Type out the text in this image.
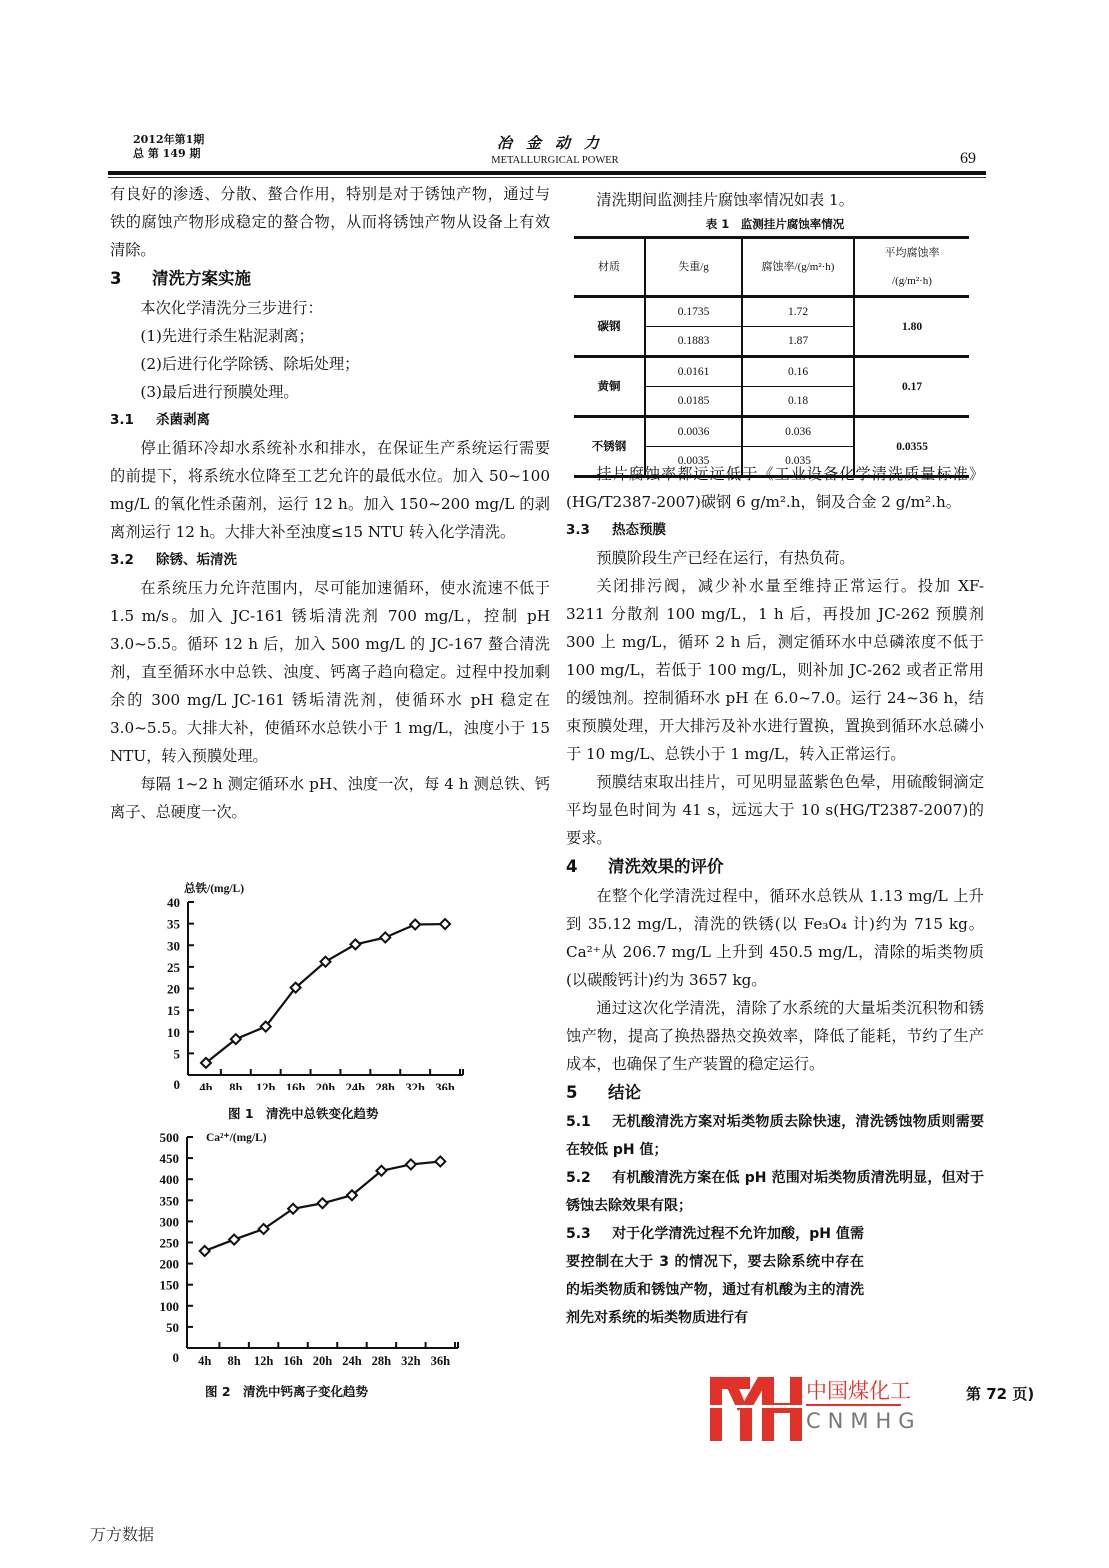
2012年第1期
总 第 149 期
冶金动力
METALLURGICAL POWER	69

有良好的渗透、分散、螯合作用，特别是对于锈蚀产物，通过与铁的腐蚀产物形成稳定的螯合物，从而将锈蚀产物从设备上有效清除。

3 清洗方案实施

本次化学清洗分三步进行：

(1)先进行杀生粘泥剥离；

(2)后进行化学除锈、除垢处理；

(3)最后进行预膜处理。

3.1 杀菌剥离

停止循环冷却水系统补水和排水，在保证生产系统运行需要的前提下，将系统水位降至工艺允许的最低水位。加入 50~100 mg/L 的氧化性杀菌剂，运行 12 h。加入 150~200 mg/L 的剥离剂运行 12 h。大排大补至浊度≤15 NTU 转入化学清洗。

3.2 除锈、垢清洗

在系统压力允许范围内，尽可能加速循环，使水流速不低于 1.5 m/s。加入 JC-161 锈垢清洗剂 700 mg/L，控制 pH 3.0~5.5。循环 12 h 后，加入 500 mg/L 的 JC-167 螯合清洗剂，直至循环水中总铁、浊度、钙离子趋向稳定。过程中投加剩余的 300 mg/L JC-161 锈垢清洗剂，使循环水 pH 稳定在 3.0~5.5。大排大补，使循环水总铁小于 1 mg/L，浊度小于 15 NTU，转入预膜处理。

每隔 1~2 h 测定循环水 pH、浊度一次，每 4 h 测总铁、钙离子、总硬度一次。

0
5
10
15
20
25
30
35
40
4h 8h 12h 16h 20h 24h 28h 32h 36h
总铁/(mg/L)
图 1　清洗中总铁变化趋势
0
50
100
150
200
250
300
350
400
450
500
4h 8h 12h 16h 20h 24h 28h 32h 36h
Ca²⁺/(mg/L)
图 2　清洗中钙离子变化趋势

清洗期间监测挂片腐蚀率情况如表 1。

表 1　监测挂片腐蚀率情况
材质	失重/g	腐蚀率/(g/m²·h)	平均腐蚀率
/(g/m²·h)

碳钢	0.1735	1.72	1.80
	0.1883	1.87	
黄铜	0.0161	0.16	0.17
	0.0185	0.18	
不锈钢	0.0036	0.036	0.0355
	0.0035	0.035	

挂片腐蚀率都远远低于《工业设备化学清洗质量标准》(HG/T2387-2007)碳钢 6 g/m².h，铜及合金 2 g/m².h。

3.3 热态预膜

预膜阶段生产已经在运行，有热负荷。

关闭排污阀，减少补水量至维持正常运行。投加 XF-3211 分散剂 100 mg/L，1 h 后，再投加 JC-262 预膜剂 300 上 mg/L，循环 2 h 后，测定循环水中总磷浓度不低于 100 mg/L，若低于 100 mg/L，则补加 JC-262 或者正常用的缓蚀剂。控制循环水 pH 在 6.0~7.0。运行 24~36 h，结束预膜处理，开大排污及补水进行置换，置换到循环水总磷小于 10 mg/L、总铁小于 1 mg/L，转入正常运行。

预膜结束取出挂片，可见明显蓝紫色色晕，用硫酸铜滴定平均显色时间为 41 s，远远大于 10 s(HG/T2387-2007)的要求。

4 清洗效果的评价

在整个化学清洗过程中，循环水总铁从 1.13 mg/L 上升到 35.12 mg/L，清洗的铁锈(以 Fe₃O₄ 计)约为 715 kg。Ca²⁺从 206.7 mg/L 上升到 450.5 mg/L，清除的垢类物质(以碳酸钙计)约为 3657 kg。

通过这次化学清洗，清除了水系统的大量垢类沉积物和锈蚀产物，提高了换热器热交换效率，降低了能耗，节约了生产成本，也确保了生产装置的稳定运行。

5 结论

5.1 无机酸清洗方案对垢类物质去除快速，清洗锈蚀物质则需要在较低 pH 值；

5.2 有机酸清洗方案在低 pH 范围对垢类物质清洗明显，但对于锈蚀去除效果有限；

5.3 对于化学清洗过程不允许加酸，pH 值需要控制在大于 3 的情况下，要去除系统中存在的垢类物质和锈蚀产物，通过有机酸为主的清洗剂先对系统的垢类物质进行有

第 72 页)
中国煤化工
CNMHG
万方数据
